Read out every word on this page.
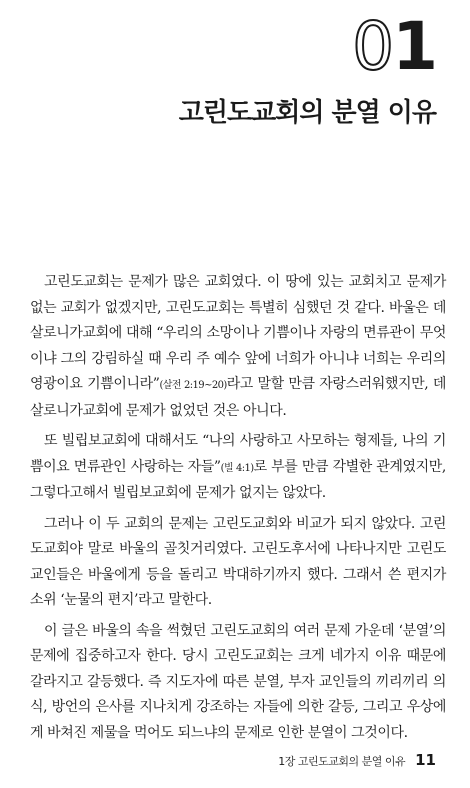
01
고린도교회의 분열 이유

고린도교회는 문제가 많은 교회였다. 이 땅에 있는 교회치고 문제가 없는 교회가 없겠지만, 고린도교회는 특별히 심했던 것 같다. 바울은 데살로니가교회에 대해 “우리의 소망이나 기쁨이나 자랑의 면류관이 무엇이냐 그의 강림하실 때 우리 주 예수 앞에 너희가 아니냐 너희는 우리의 영광이요 기쁨이니라”(살전 2:19~20)라고 말할 만큼 자랑스러워했지만, 데살로니가교회에 문제가 없었던 것은 아니다.

또 빌립보교회에 대해서도 “나의 사랑하고 사모하는 형제들, 나의 기쁨이요 면류관인 사랑하는 자들”(빌 4:1)로 부를 만큼 각별한 관계였지만, 그렇다고해서 빌립보교회에 문제가 없지는 않았다.

그러나 이 두 교회의 문제는 고린도교회와 비교가 되지 않았다. 고린도교회야 말로 바울의 골칫거리였다. 고린도후서에 나타나지만 고린도 교인들은 바울에게 등을 돌리고 박대하기까지 했다. 그래서 쓴 편지가 소위 ‘눈물의 편지’라고 말한다.

이 글은 바울의 속을 썩혔던 고린도교회의 여러 문제 가운데 ‘분열’의 문제에 집중하고자 한다. 당시 고린도교회는 크게 네가지 이유 때문에 갈라지고 갈등했다. 즉 지도자에 따른 분열, 부자 교인들의 끼리끼리 의식, 방언의 은사를 지나치게 강조하는 자들에 의한 갈등, 그리고 우상에게 바쳐진 제물을 먹어도 되느냐의 문제로 인한 분열이 그것이다.

1장 고린도교회의 분열 이유 11
